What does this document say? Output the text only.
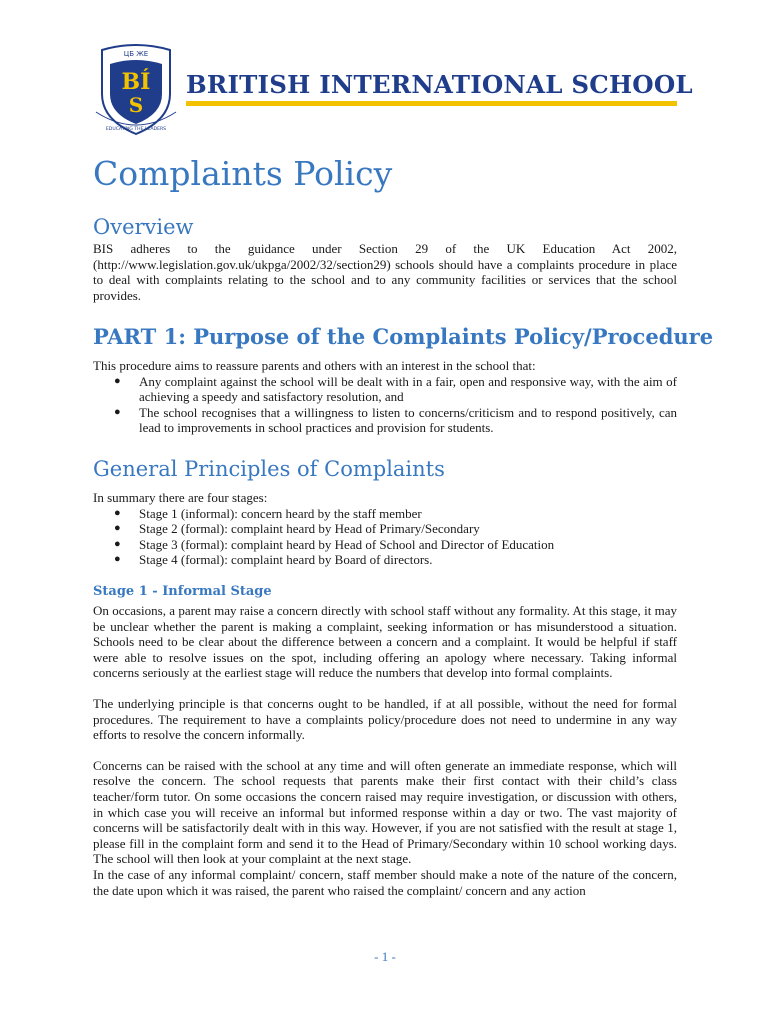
ЦБ ЖЕ
BÍ
S
EDUCATING THE LEADERS
BRITISH INTERNATIONAL SCHOOL
Complaints Policy
Overview

BIS adheres to the guidance under Section 29 of the UK Education Act 2002, (http://www.legislation.gov.uk/ukpga/2002/32/section29) schools should have a complaints procedure in place to deal with complaints relating to the school and to any community facilities or services that the school provides.

PART 1: Purpose of the Complaints Policy/Procedure

This procedure aims to reassure parents and others with an interest in the school that:

● Any complaint against the school will be dealt with in a fair, open and responsive way, with the aim of achieving a speedy and satisfactory resolution, and
● The school recognises that a willingness to listen to concerns/criticism and to respond positively, can lead to improvements in school practices and provision for students.
General Principles of Complaints

In summary there are four stages:

● Stage 1 (informal): concern heard by the staff member
● Stage 2 (formal): complaint heard by Head of Primary/Secondary
● Stage 3 (formal): complaint heard by Head of School and Director of Education
● Stage 4 (formal): complaint heard by Board of directors.
Stage 1 - Informal Stage

On occasions, a parent may raise a concern directly with school staff without any formality. At this stage, it may be unclear whether the parent is making a complaint, seeking information or has misunderstood a situation. Schools need to be clear about the difference between a concern and a complaint. It would be helpful if staff were able to resolve issues on the spot, including offering an apology where necessary. Taking informal concerns seriously at the earliest stage will reduce the numbers that develop into formal complaints.

The underlying principle is that concerns ought to be handled, if at all possible, without the need for formal procedures. The requirement to have a complaints policy/procedure does not need to undermine in any way efforts to resolve the concern informally.

Concerns can be raised with the school at any time and will often generate an immediate response, which will resolve the concern. The school requests that parents make their first contact with their child’s class teacher/form tutor. On some occasions the concern raised may require investigation, or discussion with others, in which case you will receive an informal but informed response within a day or two. The vast majority of concerns will be satisfactorily dealt with in this way. However, if you are not satisfied with the result at stage 1, please fill in the complaint form and send it to the Head of Primary/Secondary within 10 school working days. The school will then look at your complaint at the next stage.

In the case of any informal complaint/ concern, staff member should make a note of the nature of the concern, the date upon which it was raised, the parent who raised the complaint/ concern and any action

- 1 -
